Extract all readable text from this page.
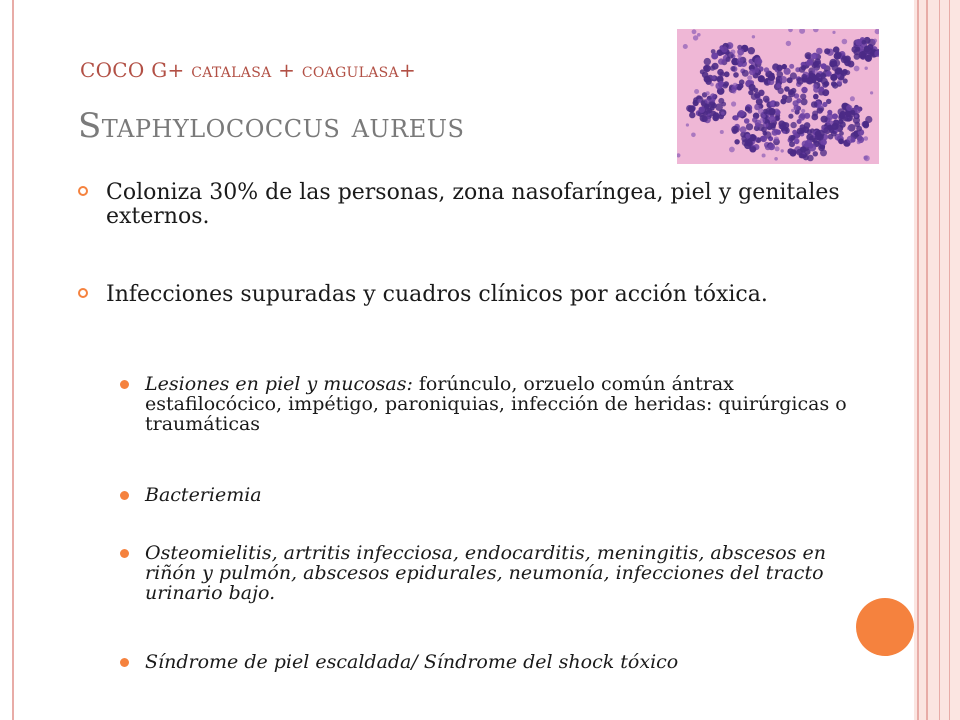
COCO G+ catalasa + coagulasa+
Staphylococcus aureus
Coloniza 30% de las personas, zona nasofaríngea, piel y genitales externos.
Infecciones supuradas y cuadros clínicos por acción tóxica.
Lesiones en piel y mucosas: forúnculo, orzuelo común ántrax estafilocócico, impétigo, paroniquias, infección de heridas: quirúrgicas o traumáticas
Bacteriemia
Osteomielitis, artritis infecciosa, endocarditis, meningitis, abscesos en riñón y pulmón, abscesos epidurales, neumonía, infecciones del tracto urinario bajo.
Síndrome de piel escaldada/ Síndrome del shock tóxico
